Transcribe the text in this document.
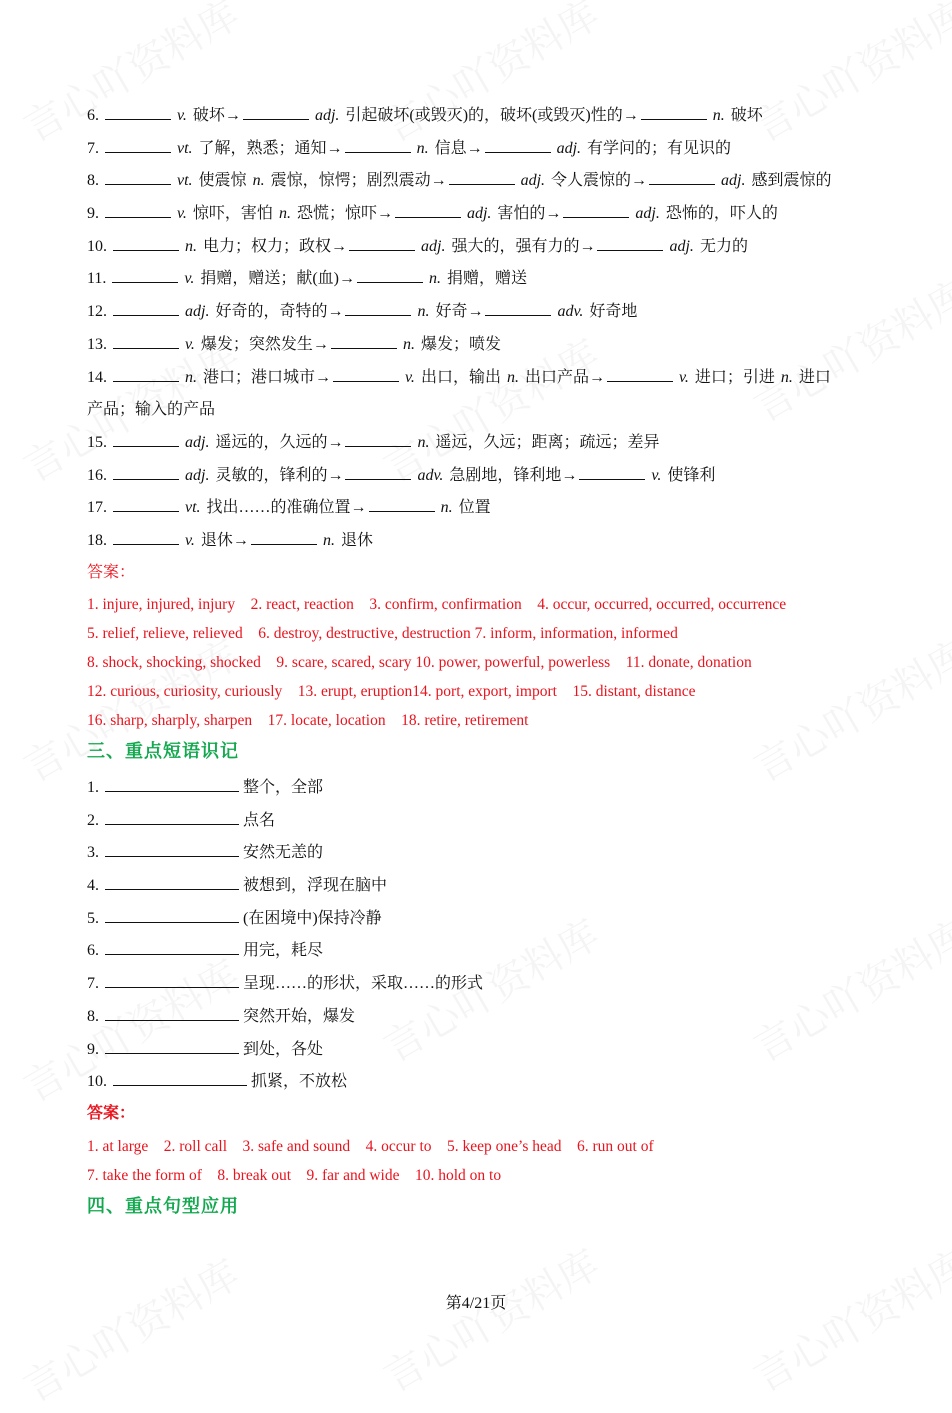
6.	v. 破坏→	adj. 引起破坏(或毁灭)的，破坏(或毁灭)性的→	n. 破坏
7.	vt. 了解，熟悉；通知→	n. 信息→	adj. 有学问的；有见识的
8.	vt. 使震惊 n. 震惊，惊愕；剧烈震动→	adj. 令人震惊的→	adj. 感到震惊的
9.	v. 惊吓，害怕 n. 恐慌；惊吓→	adj. 害怕的→	adj. 恐怖的，吓人的
10.	n. 电力；权力；政权→	adj. 强大的，强有力的→	adj. 无力的
11.	v. 捐赠，赠送；献(血)→	n. 捐赠，赠送
12.	adj. 好奇的，奇特的→	n. 好奇→	adv. 好奇地
13.	v. 爆发；突然发生→	n. 爆发；喷发
14.	n. 港口；港口城市→	v. 出口，输出 n. 出口产品→	v. 进口；引进 n. 进口
产品；输入的产品
15.	adj. 遥远的，久远的→	n. 遥远，久远；距离；疏远；差异
16.	adj. 灵敏的，锋利的→	adv. 急剧地，锋利地→	v. 使锋利
17.	vt. 找出……的准确位置→	n. 位置
18.	v. 退休→	n. 退休
答案：
1. injure, injured, injury    2. react, reaction    3. confirm, confirmation    4. occur, occurred, occurred, occurrence
5. relief, relieve, relieved    6. destroy, destructive, destruction 7. inform, information, informed
8. shock, shocking, shocked    9. scare, scared, scary 10. power, powerful, powerless    11. donate, donation
12. curious, curiosity, curiously    13. erupt, eruption14. port, export, import    15. distant, distance
16. sharp, sharply, sharpen    17. locate, location    18. retire, retirement
三、重点短语识记
1.	整个，全部
2.	点名
3.	安然无恙的
4.	被想到，浮现在脑中
5.	(在困境中)保持冷静
6.	用完，耗尽
7.	呈现……的形状，采取……的形式
8.	突然开始，爆发
9.	到处，各处
10.	抓紧，不放松
答案：
1. at large    2. roll call    3. safe and sound    4. occur to    5. keep one’s head    6. run out of
7. take the form of    8. break out    9. far and wide    10. hold on to
四、重点句型应用
第4/21页
